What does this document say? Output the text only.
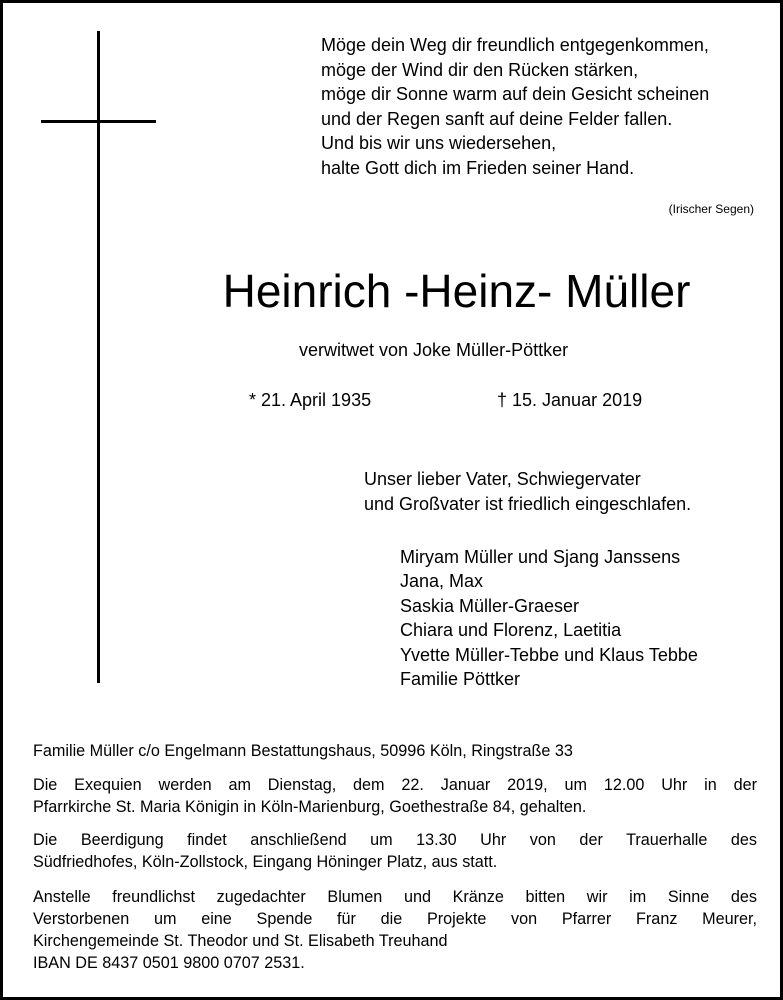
Möge dein Weg dir freundlich entgegenkommen,
möge der Wind dir den Rücken stärken,
möge dir Sonne warm auf dein Gesicht scheinen
und der Regen sanft auf deine Felder fallen.
Und bis wir uns wiedersehen,
halte Gott dich im Frieden seiner Hand.
(Irischer Segen)
Heinrich -Heinz- Müller
verwitwet von Joke Müller-Pöttker
* 21. April 1935	† 15. Januar 2019
Unser lieber Vater, Schwiegervater
und Großvater ist friedlich eingeschlafen.
Miryam Müller und Sjang Janssens
Jana, Max
Saskia Müller-Graeser
Chiara und Florenz, Laetitia
Yvette Müller-Tebbe und Klaus Tebbe
Familie Pöttker
Familie Müller c/o Engelmann Bestattungshaus, 50996 Köln, Ringstraße 33
Die Exequien werden am Dienstag, dem 22. Januar 2019, um 12.00 Uhr in der
Pfarrkirche St. Maria Königin in Köln-Marienburg, Goethestraße 84, gehalten.
Die Beerdigung findet anschließend um 13.30 Uhr von der Trauerhalle des
Südfriedhofes, Köln-Zollstock, Eingang Höninger Platz, aus statt.
Anstelle freundlichst zugedachter Blumen und Kränze bitten wir im Sinne des
Verstorbenen um eine Spende für die Projekte von Pfarrer Franz Meurer,
Kirchengemeinde St. Theodor und St. Elisabeth Treuhand
IBAN DE 8437 0501 9800 0707 2531.
